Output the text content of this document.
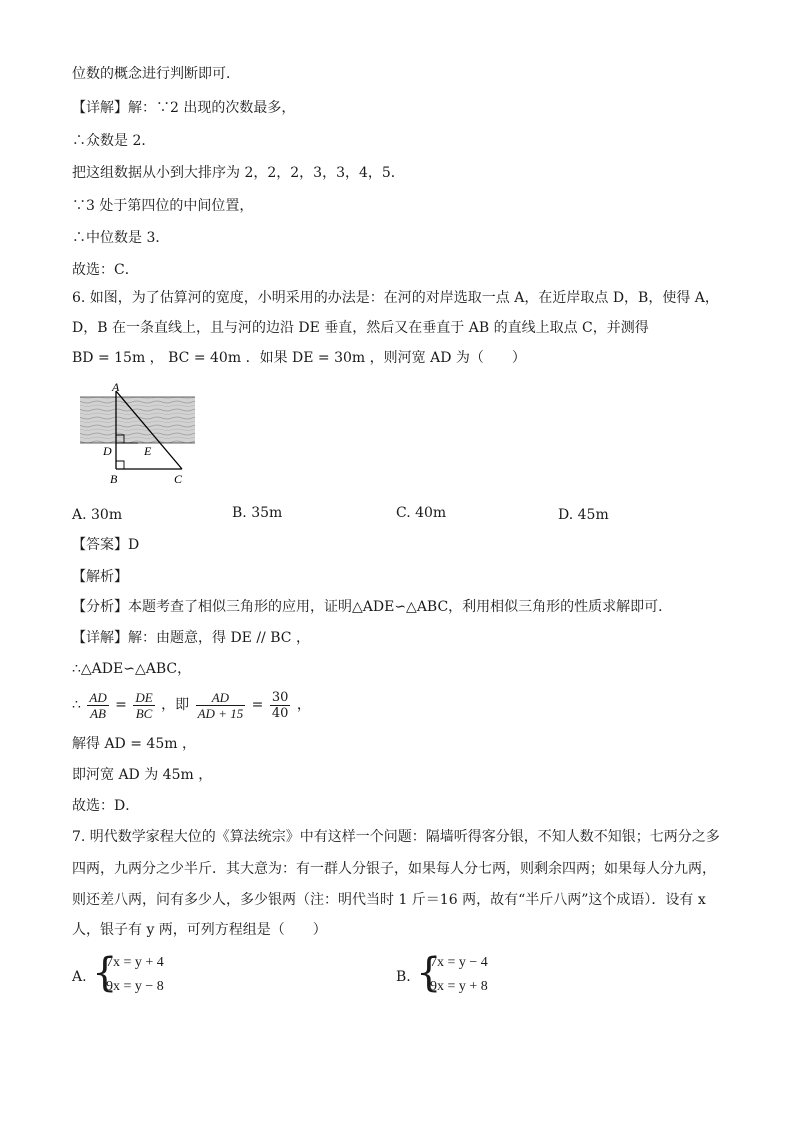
位数的概念进行判断即可．
【详解】解：∵2 出现的次数最多，
∴众数是 2．
把这组数据从小到大排序为 2，2，2，3，3，4，5．
∵3 处于第四位的中间位置，
∴中位数是 3．
故选：C．
6. 如图，为了估算河的宽度，小明采用的办法是：在河的对岸选取一点 A，在近岸取点 D，B，使得 A，
D，B 在一条直线上，且与河的边沿 DE 垂直，然后又在垂直于 AB 的直线上取点 C，并测得
BD = 15m ， BC = 40m ．如果 DE = 30m ，则河宽 AD 为（　　）
A
D	E
B	C
A. 30m	B. 35m	C. 40m	D. 45m
【答案】D
【解析】
【分析】本题考查了相似三角形的应用，证明△ADE∽△ABC，利用相似三角形的性质求解即可．
【详解】解：由题意，得 DE // BC ，
∴△ADE∽△ABC，
∴ $\frac{AD}{AB} = \frac{DE}{BC}$ ，即 $\frac{AD}{AD + 15} = \frac{30}{40}$ ，
解得 AD = 45m ，
即河宽 AD 为 45m ，
故选：D．
7. 明代数学家程大位的《算法统宗》中有这样一个问题：隔墙听得客分银，不知人数不知银；七两分之多
四两，九两分之少半斤．其大意为：有一群人分银子，如果每人分七两，则剩余四两；如果每人分九两，
则还差八两，问有多少人，多少银两（注：明代当时 1 斤＝16 两，故有“半斤八两”这个成语）．设有 x
人，银子有 y 两，可列方程组是（　　）
A. {
7x = y + 4
9x = y − 8
B. {
7x = y − 4
9x = y + 8
